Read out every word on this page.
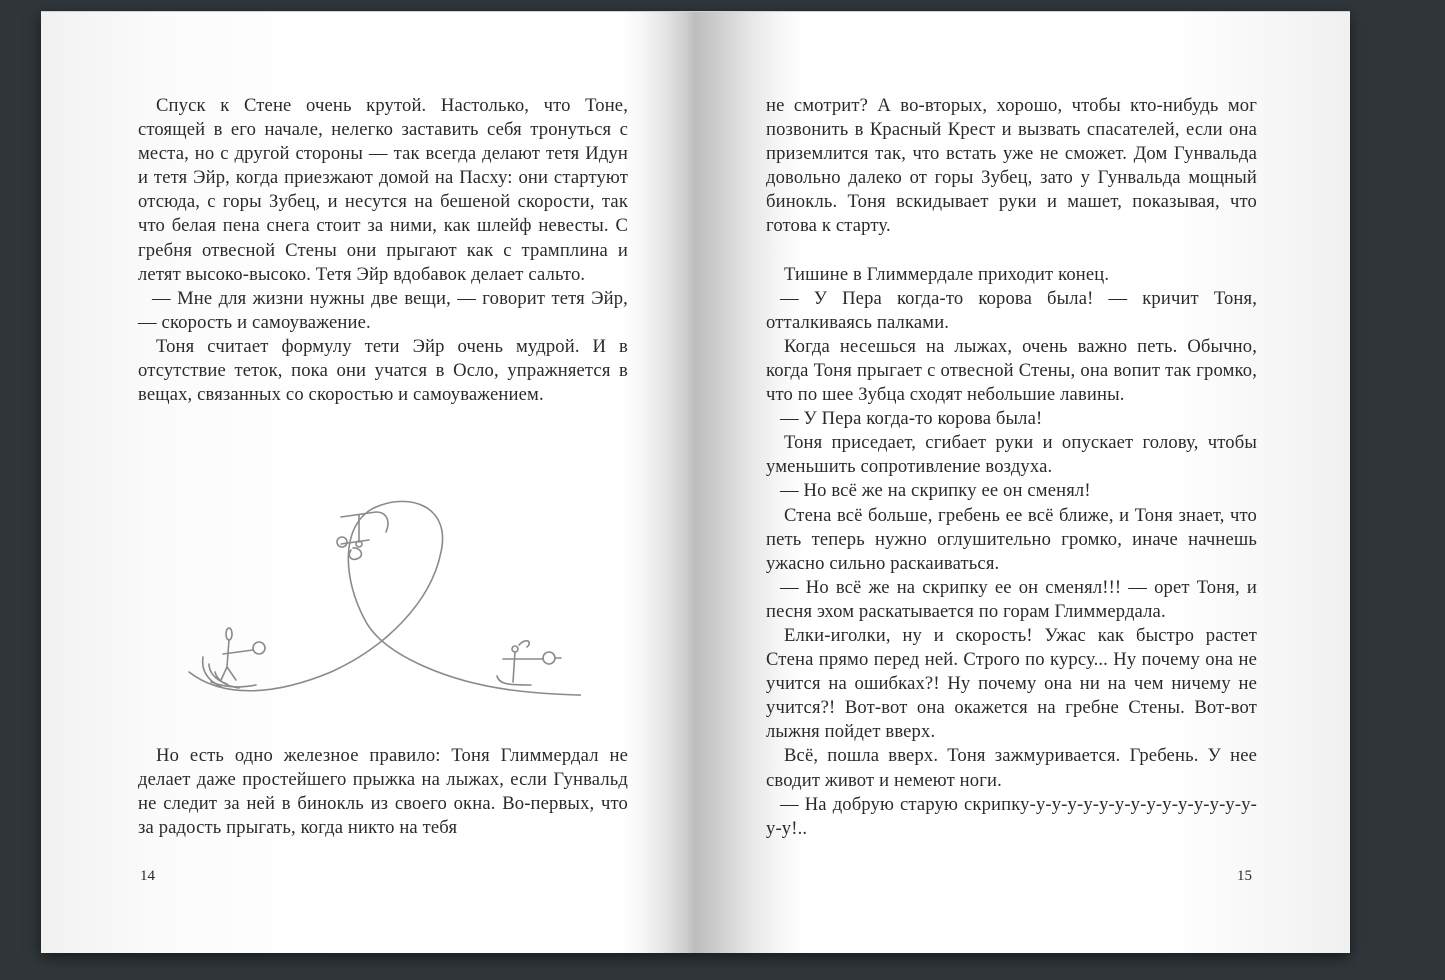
Спуск к Стене очень крутой. Настолько, что Тоне, стоящей в его начале, нелегко заставить себя тронуться с места, но с другой стороны — так всегда делают тетя Идун и тетя Эйр, когда приезжают домой на Пасху: они стартуют отсюда, с горы Зубец, и несутся на бешеной скорости, так что белая пена снега стоит за ними, как шлейф невесты. С гребня отвесной Стены они прыгают как с трамплина и летят высоко-высоко. Тетя Эйр вдобавок делает сальто.

— Мне для жизни нужны две вещи, — говорит тетя Эйр, — скорость и самоуважение.

Тоня считает формулу тети Эйр очень мудрой. И в отсутствие теток, пока они учатся в Осло, упражняется в вещах, связанных со скоростью и самоуважением.

Но есть одно железное правило: Тоня Глиммердал не делает даже простейшего прыжка на лыжах, если Гунвальд не следит за ней в бинокль из своего окна. Во-первых, что за радость прыгать, когда никто на тебя

14

не смотрит? А во-вторых, хорошо, чтобы кто-нибудь мог позвонить в Красный Крест и вызвать спасателей, если она приземлится так, что встать уже не сможет. Дом Гунвальда довольно далеко от горы Зубец, зато у Гунвальда мощный бинокль. Тоня вскидывает руки и машет, показывая, что готова к старту.

Тишине в Глиммердале приходит конец.

— У Пера когда-то корова была! — кричит Тоня, отталкиваясь палками.

Когда несешься на лыжах, очень важно петь. Обычно, когда Тоня прыгает с отвесной Стены, она вопит так громко, что по шее Зубца сходят небольшие лавины.

— У Пера когда-то корова была!

Тоня приседает, сгибает руки и опускает голову, чтобы уменьшить сопротивление воздуха.

— Но всё же на скрипку ее он сменял!

Стена всё больше, гребень ее всё ближе, и Тоня знает, что петь теперь нужно оглушительно громко, иначе начнешь ужасно сильно раскаиваться.

— Но всё же на скрипку ее он сменял!!! — орет Тоня, и песня эхом раскатывается по горам Глиммердала.

Елки-иголки, ну и скорость! Ужас как быстро растет Стена прямо перед ней. Строго по курсу... Ну почему она не учится на ошибках?! Ну почему она ни на чем ничему не учится?! Вот-вот она окажется на гребне Стены. Вот-вот лыжня пойдет вверх.

Всё, пошла вверх. Тоня зажмуривается. Гребень. У нее сводит живот и немеют ноги.

— На добрую старую скрипку-у-у-у-у-у-у-у-у-у-у-у-у-у-у-у-у!..

15
